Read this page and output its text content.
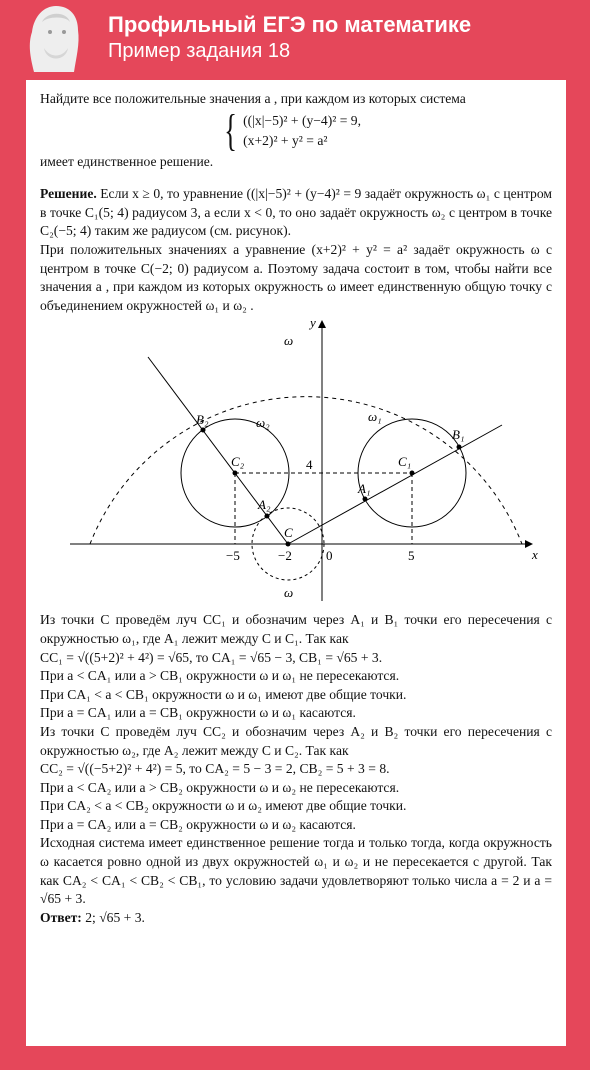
Профильный ЕГЭ по математике
Пример задания 18

Найдите все положительные значения a , при каждом из которых система

{ ((|x|−5)² + (y−4)² = 9,
(x+2)² + y² = a²

имеет единственное решение.

Решение. Если x ≥ 0, то уравнение ((|x|−5)² + (y−4)² = 9 задаёт окружность ω₁ с центром в точке C₁(5; 4) радиусом 3, а если x < 0, то оно задаёт окружность ω₂ с центром в точке C₂(−5; 4) таким же радиусом (см. рисунок).

При положительных значениях a уравнение (x+2)² + y² = a² задаёт окружность ω с центром в точке C(−2; 0) радиусом a. Поэтому задача состоит в том, чтобы найти все значения a , при каждом из которых окружность ω имеет единственную общую точку с объединением окружностей ω₁ и ω₂ .

y
x
ω
ω
ω₂	ω₁
B₂
B₁
C₂	C₁
A₁
A₂
C
4
−5	−2	0	5

Из точки C проведём луч CC₁ и обозначим через A₁ и B₁ точки его пересечения с окружностью ω₁, где A₁ лежит между C и C₁. Так как

CC₁ = √((5+2)² + 4²) = √65, то CA₁ = √65 − 3, CB₁ = √65 + 3.

При a < CA₁ или a > CB₁ окружности ω и ω₁ не пересекаются.

При CA₁ < a < CB₁ окружности ω и ω₁ имеют две общие точки.

При a = CA₁ или a = CB₁ окружности ω и ω₁ касаются.

Из точки C проведём луч CC₂ и обозначим через A₂ и B₂ точки его пересечения с окружностью ω₂, где A₂ лежит между C и C₂. Так как

CC₂ = √((−5+2)² + 4²) = 5, то CA₂ = 5 − 3 = 2, CB₂ = 5 + 3 = 8.

При a < CA₂ или a > CB₂ окружности ω и ω₂ не пересекаются.

При CA₂ < a < CB₂ окружности ω и ω₂ имеют две общие точки.

При a = CA₂ или a = CB₂ окружности ω и ω₂ касаются.

Исходная система имеет единственное решение тогда и только тогда, когда окружность ω касается ровно одной из двух окружностей ω₁ и ω₂ и не пересекается с другой. Так как CA₂ < CA₁ < CB₂ < CB₁, то условию задачи удовлетворяют только числа a = 2 и a = √65 + 3.

Ответ: 2; √65 + 3.
